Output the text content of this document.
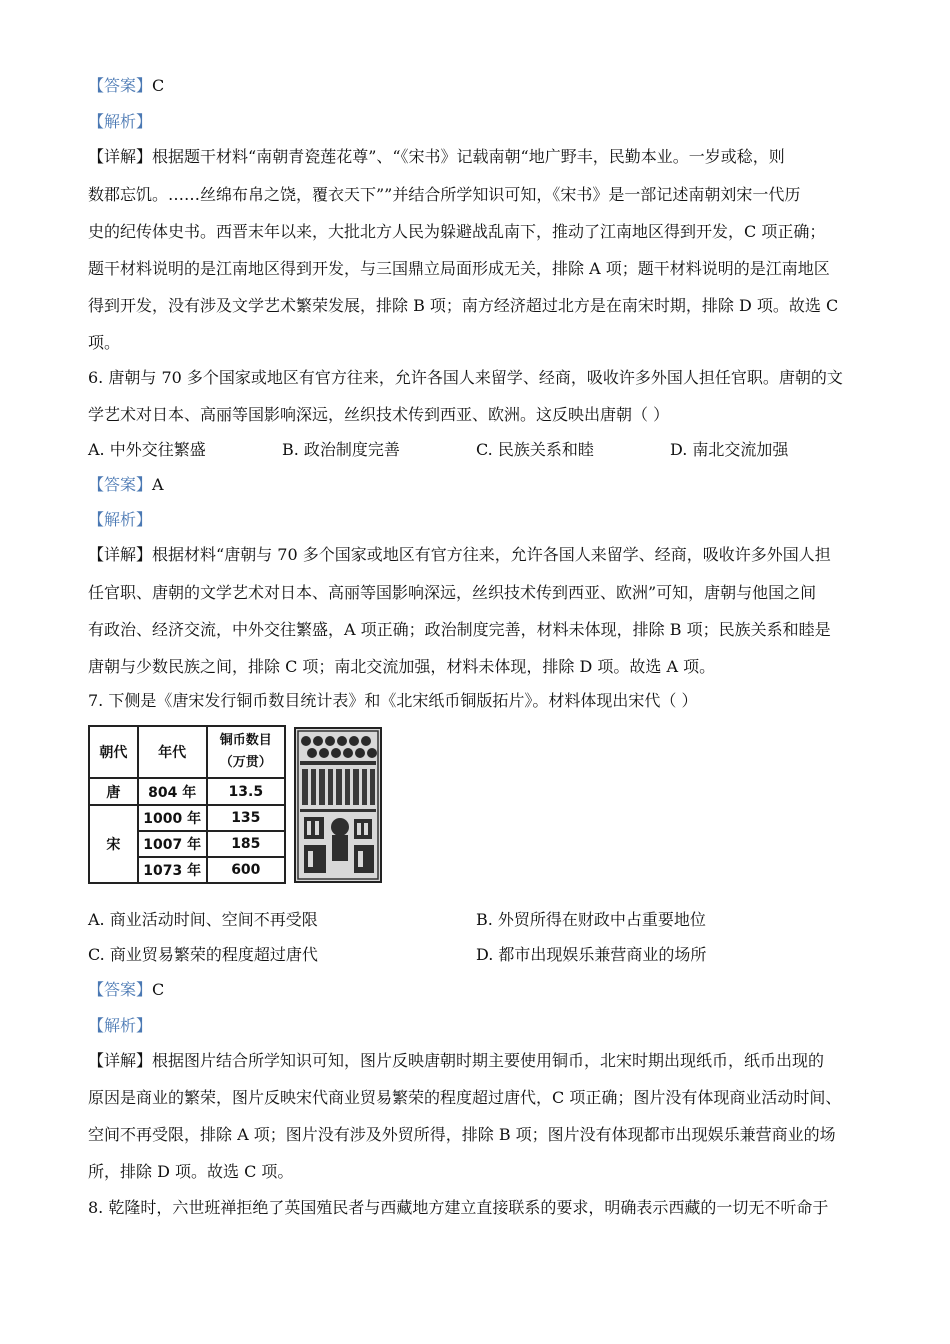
【答案】C
【解析】
【详解】根据题干材料“南朝青瓷莲花尊”、“《宋书》记载南朝“地广野丰，民勤本业。一岁或稔，则
数郡忘饥。……丝绵布帛之饶，覆衣天下””并结合所学知识可知，《宋书》是一部记述南朝刘宋一代历
史的纪传体史书。西晋末年以来，大批北方人民为躲避战乱南下，推动了江南地区得到开发，C 项正确；
题干材料说明的是江南地区得到开发，与三国鼎立局面形成无关，排除 A 项；题干材料说明的是江南地区
得到开发，没有涉及文学艺术繁荣发展，排除 B 项；南方经济超过北方是在南宋时期，排除 D 项。故选 C
项。
6. 唐朝与 70 多个国家或地区有官方往来，允许各国人来留学、经商，吸收许多外国人担任官职。唐朝的文
学艺术对日本、高丽等国影响深远，丝织技术传到西亚、欧洲。这反映出唐朝（ ）
A. 中外交往繁盛	B. 政治制度完善	C. 民族关系和睦	D. 南北交流加强
【答案】A
【解析】
【详解】根据材料“唐朝与 70 多个国家或地区有官方往来，允许各国人来留学、经商，吸收许多外国人担
任官职、唐朝的文学艺术对日本、高丽等国影响深远，丝织技术传到西亚、欧洲”可知，唐朝与他国之间
有政治、经济交流，中外交往繁盛，A 项正确；政治制度完善，材料未体现，排除 B 项；民族关系和睦是
唐朝与少数民族之间，排除 C 项；南北交流加强，材料未体现，排除 D 项。故选 A 项。
7. 下侧是《唐宋发行铜币数目统计表》和《北宋纸币铜版拓片》。材料体现出宋代（ ）
朝代	年代	铜币数目
（万贯）

唐	804 年	13.5
宋	1000 年	135
	1007 年	185
	1073 年	600
A. 商业活动时间、空间不再受限	B. 外贸所得在财政中占重要地位
C. 商业贸易繁荣的程度超过唐代	D. 都市出现娱乐兼营商业的场所
【答案】C
【解析】
【详解】根据图片结合所学知识可知，图片反映唐朝时期主要使用铜币，北宋时期出现纸币，纸币出现的
原因是商业的繁荣，图片反映宋代商业贸易繁荣的程度超过唐代，C 项正确；图片没有体现商业活动时间、
空间不再受限，排除 A 项；图片没有涉及外贸所得，排除 B 项；图片没有体现都市出现娱乐兼营商业的场
所，排除 D 项。故选 C 项。
8. 乾隆时，六世班禅拒绝了英国殖民者与西藏地方建立直接联系的要求，明确表示西藏的一切无不听命于
